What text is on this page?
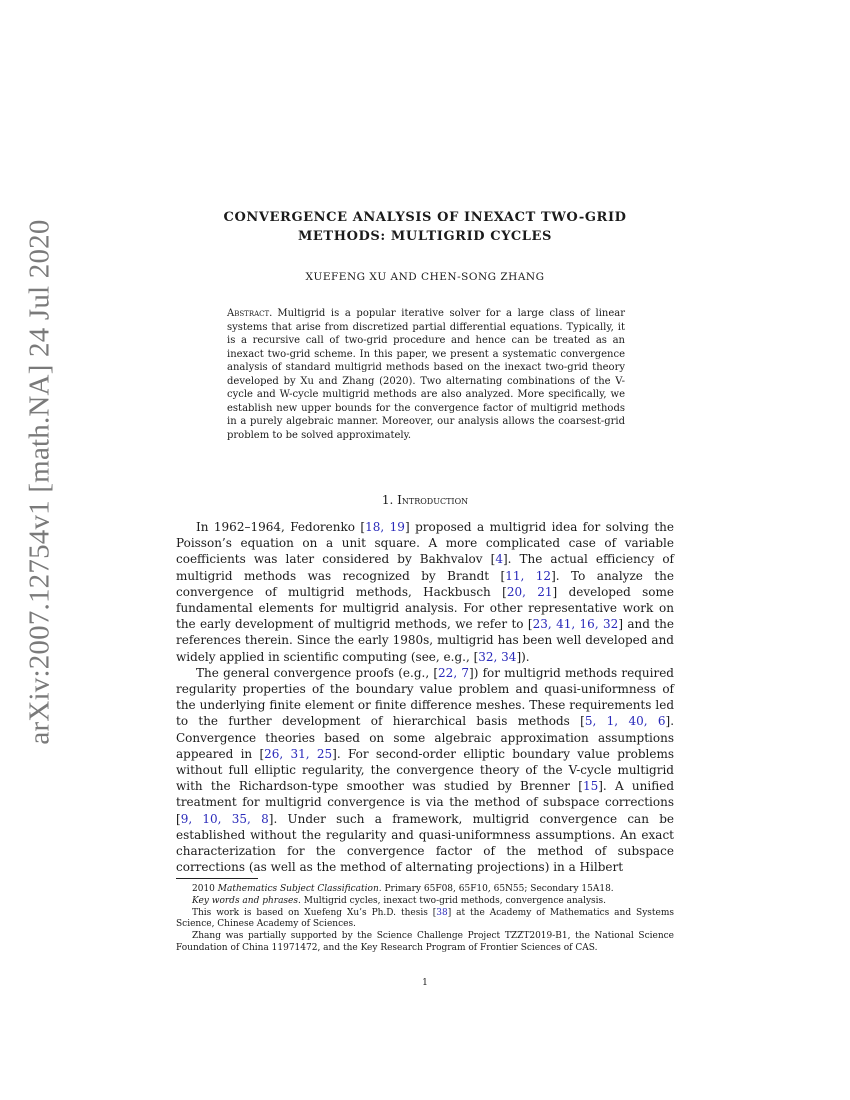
arXiv:2007.12754v1 [math.NA] 24 Jul 2020
CONVERGENCE ANALYSIS OF INEXACT TWO-GRID
METHODS: MULTIGRID CYCLES
XUEFENG XU AND CHEN-SONG ZHANG

Abstract. Multigrid is a popular iterative solver for a large class of linear systems that arise from discretized partial differential equations. Typically, it is a recursive call of two-grid procedure and hence can be treated as an inexact two-grid scheme. In this paper, we present a systematic convergence analysis of standard multigrid methods based on the inexact two-grid theory developed by Xu and Zhang (2020). Two alternating combinations of the V-cycle and W-cycle multigrid methods are also analyzed. More specifically, we establish new upper bounds for the convergence factor of multigrid methods in a purely algebraic manner. Moreover, our analysis allows the coarsest-grid problem to be solved approximately.

1. Introduction

In 1962–1964, Fedorenko [18, 19] proposed a multigrid idea for solving the Poisson’s equation on a unit square. A more complicated case of variable coefficients was later considered by Bakhvalov [4]. The actual efficiency of multigrid methods was recognized by Brandt [11, 12]. To analyze the convergence of multigrid methods, Hackbusch [20, 21] developed some fundamental elements for multigrid analysis. For other representative work on the early development of multigrid methods, we refer to [23, 41, 16, 32] and the references therein. Since the early 1980s, multigrid has been well developed and widely applied in scientific computing (see, e.g., [32, 34]).

The general convergence proofs (e.g., [22, 7]) for multigrid methods required regularity properties of the boundary value problem and quasi-uniformness of the underlying finite element or finite difference meshes. These requirements led to the further development of hierarchical basis methods [5, 1, 40, 6]. Convergence theories based on some algebraic approximation assumptions appeared in [26, 31, 25]. For second-order elliptic boundary value problems without full elliptic regularity, the convergence theory of the V-cycle multigrid with the Richardson-type smoother was studied by Brenner [15]. A unified treatment for multigrid convergence is via the method of subspace corrections [9, 10, 35, 8]. Under such a framework, multigrid convergence can be established without the regularity and quasi-uniformness assumptions. An exact characterization for the convergence factor of the method of subspace corrections (as well as the method of alternating projections) in a Hilbert

2010 Mathematics Subject Classification. Primary 65F08, 65F10, 65N55; Secondary 15A18.

Key words and phrases. Multigrid cycles, inexact two-grid methods, convergence analysis.

This work is based on Xuefeng Xu’s Ph.D. thesis [38] at the Academy of Mathematics and Systems Science, Chinese Academy of Sciences.

Zhang was partially supported by the Science Challenge Project TZZT2019-B1, the National Science Foundation of China 11971472, and the Key Research Program of Frontier Sciences of CAS.

1
